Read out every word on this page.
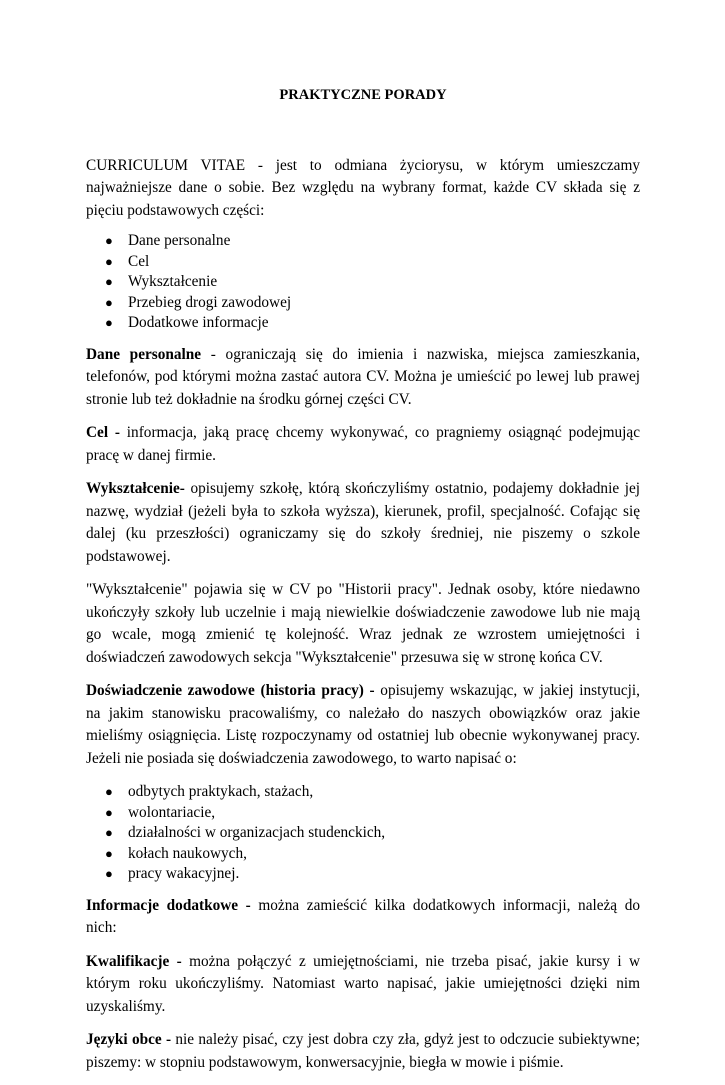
PRAKTYCZNE PORADY

CURRICULUM VITAE - jest to odmiana życiorysu, w którym umieszczamy najważniejsze dane o sobie. Bez względu na wybrany format, każde CV składa się z pięciu podstawowych części:

● Dane personalne
● Cel
● Wykształcenie
● Przebieg drogi zawodowej
● Dodatkowe informacje

Dane personalne - ograniczają się do imienia i nazwiska, miejsca zamieszkania, telefonów, pod którymi można zastać autora CV. Można je umieścić po lewej lub prawej stronie lub też dokładnie na środku górnej części CV.

Cel - informacja, jaką pracę chcemy wykonywać, co pragniemy osiągnąć podejmując pracę w danej firmie.

Wykształcenie- opisujemy szkołę, którą skończyliśmy ostatnio, podajemy dokładnie jej nazwę, wydział (jeżeli była to szkoła wyższa), kierunek, profil, specjalność. Cofając się dalej (ku przeszłości) ograniczamy się do szkoły średniej, nie piszemy o szkole podstawowej.

"Wykształcenie" pojawia się w CV po "Historii pracy". Jednak osoby, które niedawno ukończyły szkoły lub uczelnie i mają niewielkie doświadczenie zawodowe lub nie mają go wcale, mogą zmienić tę kolejność. Wraz jednak ze wzrostem umiejętności i doświadczeń zawodowych sekcja "Wykształcenie" przesuwa się w stronę końca CV.

Doświadczenie zawodowe (historia pracy) - opisujemy wskazując, w jakiej instytucji, na jakim stanowisku pracowaliśmy, co należało do naszych obowiązków oraz jakie mieliśmy osiągnięcia. Listę rozpoczynamy od ostatniej lub obecnie wykonywanej pracy. Jeżeli nie posiada się doświadczenia zawodowego, to warto napisać o:

● odbytych praktykach, stażach,
● wolontariacie,
● działalności w organizacjach studenckich,
● kołach naukowych,
● pracy wakacyjnej.

Informacje dodatkowe - można zamieścić kilka dodatkowych informacji, należą do nich:

Kwalifikacje - można połączyć z umiejętnościami, nie trzeba pisać, jakie kursy i w którym roku ukończyliśmy. Natomiast warto napisać, jakie umiejętności dzięki nim uzyskaliśmy.

Języki obce - nie należy pisać, czy jest dobra czy zła, gdyż jest to odczucie subiektywne; piszemy: w stopniu podstawowym, konwersacyjnie, biegła w mowie i piśmie.
